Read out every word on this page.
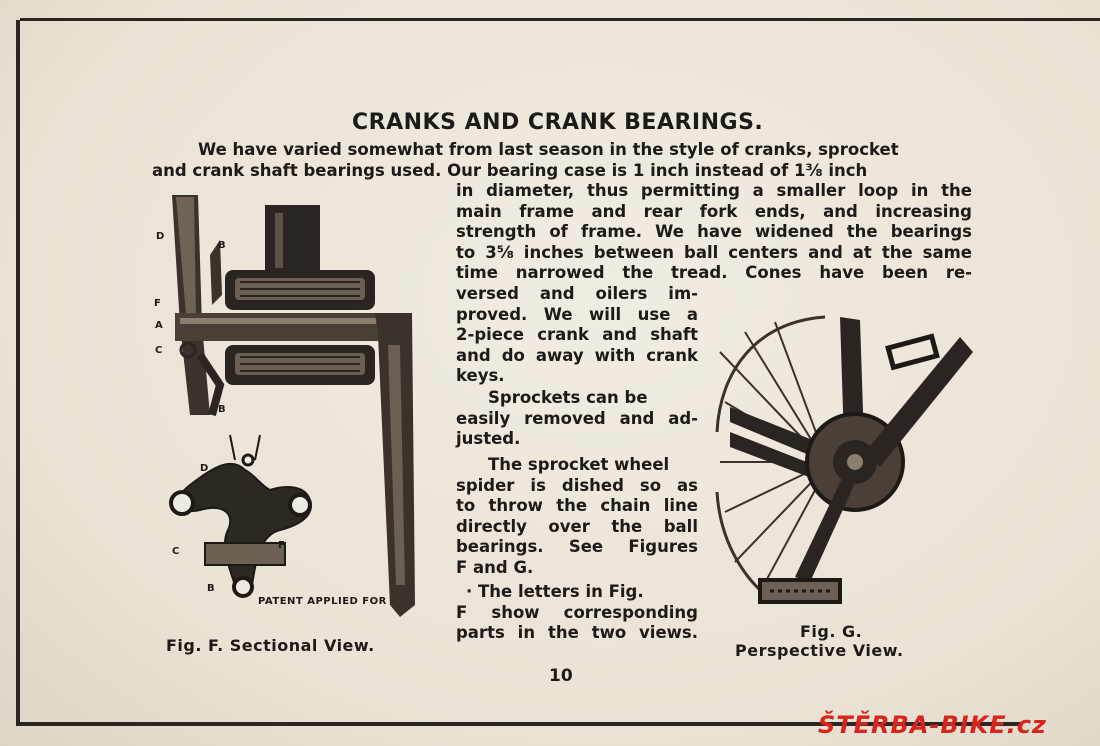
CRANKS AND CRANK BEARINGS.
We have varied somewhat from last season in the style of cranks, sprocket
and crank shaft bearings used. Our bearing case is 1 inch instead of 1⅜ inch
in diameter, thus permitting a smaller loop in the
main frame and rear fork ends, and increasing
strength of frame. We have widened the bearings
to 3⅝ inches between ball centers and at the same
time narrowed the tread. Cones have been re-
versed and oilers im-
proved. We will use a
2-piece crank and shaft
and do away with crank
keys.
Sprockets can be
easily removed and ad-
justed.
The sprocket wheel
spider is dished so as
to throw the chain line
directly over the ball
bearings. See Figures
F and G.
· The letters in Fig.
F show corresponding
parts in the two views.
D
B
F
A
C
B
D
C
F
B
PATENT APPLIED FOR
Fig. F. Sectional View.
Fig. G.
Perspective View.
10
ŠTĚRBA-BIKE.cz
